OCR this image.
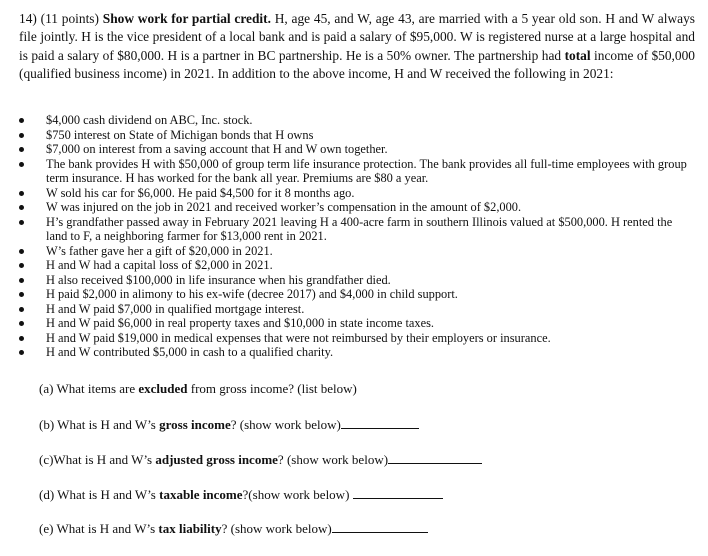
14) (11 points) Show work for partial credit. H, age 45, and W, age 43, are married with a 5 year old son. H and W always file jointly. H is the vice president of a local bank and is paid a salary of $95,000. W is registered nurse at a large hospital and is paid a salary of $80,000. H is a partner in BC partnership. He is a 50% owner. The partnership had total income of $50,000 (qualified business income) in 2021. In addition to the above income, H and W received the following in 2021:
$4,000 cash dividend on ABC, Inc. stock.
$750 interest on State of Michigan bonds that H owns
$7,000 on interest from a saving account that H and W own together.
The bank provides H with $50,000 of group term life insurance protection. The bank provides all full-time employees with group term insurance. H has worked for the bank all year. Premiums are $80 a year.
W sold his car for $6,000. He paid $4,500 for it 8 months ago.
W was injured on the job in 2021 and received worker’s compensation in the amount of $2,000.
H’s grandfather passed away in February 2021 leaving H a 400-acre farm in southern Illinois valued at $500,000. H rented the land to F, a neighboring farmer for $13,000 rent in 2021.
W’s father gave her a gift of $20,000 in 2021.
H and W had a capital loss of $2,000 in 2021.
H also received $100,000 in life insurance when his grandfather died.
H paid $2,000 in alimony to his ex-wife (decree 2017) and $4,000 in child support.
H and W paid $7,000 in qualified mortgage interest.
H and W paid $6,000 in real property taxes and $10,000 in state income taxes.
H and W paid $19,000 in medical expenses that were not reimbursed by their employers or insurance.
H and W contributed $5,000 in cash to a qualified charity.
(a) What items are excluded from gross income? (list below)
(b) What is H and W’s gross income? (show work below)
(c)What is H and W’s adjusted gross income? (show work below)
(d) What is H and W’s taxable income?(show work below)
(e) What is H and W’s tax liability? (show work below)
